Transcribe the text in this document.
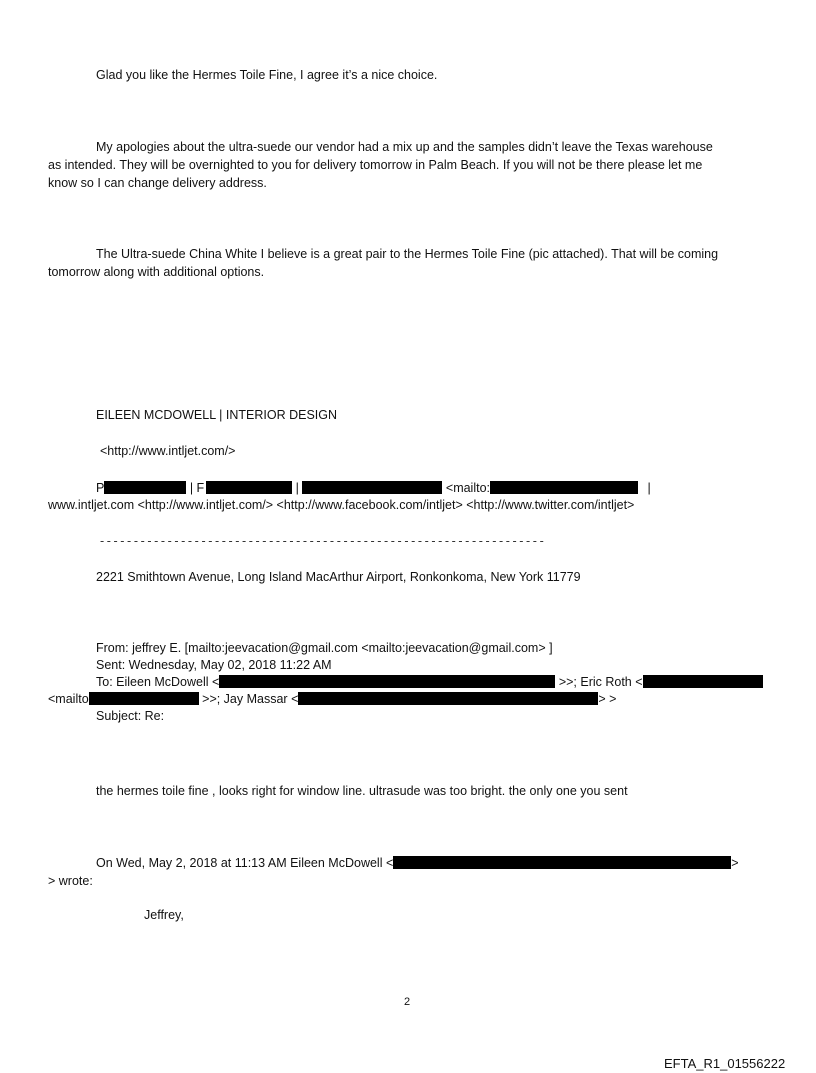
Glad you like the Hermes Toile Fine, I agree it’s a nice choice.
My apologies about the ultra-suede our vendor had a mix up and the samples didn’t leave the Texas warehouse
as intended. They will be overnighted to you for delivery tomorrow in Palm Beach. If you will not be there please let me
know so I can change delivery address.
The Ultra-suede China White I believe is a great pair to the Hermes Toile Fine (pic attached). That will be coming
tomorrow along with additional options.
EILEEN MCDOWELL | INTERIOR DESIGN
<http://www.intljet.com/>
P	| F	|	<mailto:	|
www.intljet.com <http://www.intljet.com/> <http://www.facebook.com/intljet> <http://www.twitter.com/intljet>
------------------------------------------------------------------
2221 Smithtown Avenue, Long Island MacArthur Airport, Ronkonkoma, New York 11779
From: jeffrey E. [mailto:jeevacation@gmail.com <mailto:jeevacation@gmail.com> ]
Sent: Wednesday, May 02, 2018 11:22 AM
To: Eileen McDowell <	>>; Eric Roth <
<mailto	>>; Jay Massar <	> >
Subject: Re:
the hermes toile fine , looks right for window line. ultrasude was too bright. the only one you sent
On Wed, May 2, 2018 at 11:13 AM Eileen McDowell <	>
> wrote:
Jeffrey,
2
EFTA_R1_01556222
